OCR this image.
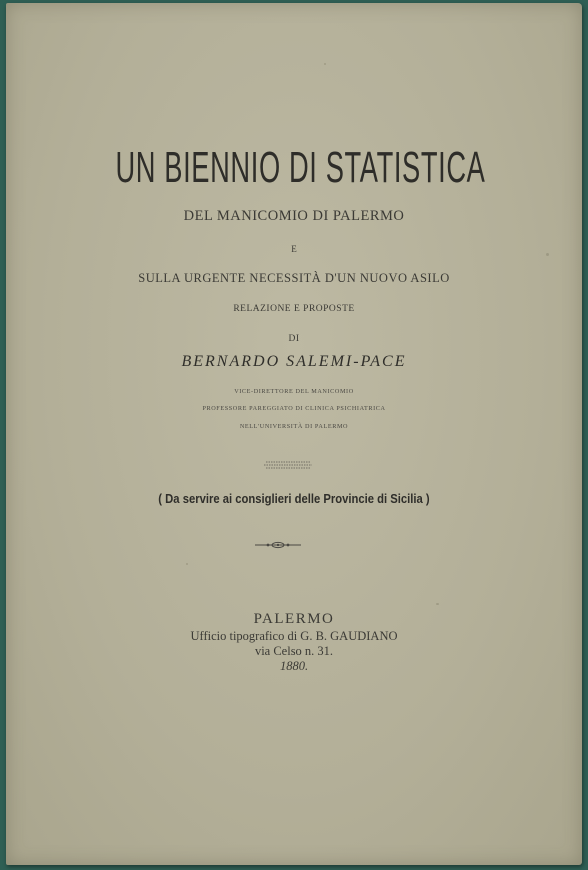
UN BIENNIO DI STATISTICA
DEL MANICOMIO DI PALERMO
E
SULLA URGENTE NECESSITÀ D'UN NUOVO ASILO
RELAZIONE E PROPOSTE
DI
BERNARDO SALEMI-PACE
VICE-DIRETTORE DEL MANICOMIO
PROFESSORE PAREGGIATO DI CLINICA PSICHIATRICA
NELL'UNIVERSITÀ DI PALERMO
( Da servire ai consiglieri delle Provincie di Sicilia )
PALERMO
Ufficio tipografico di G. B. GAUDIANO
via Celso n. 31.
1880.
